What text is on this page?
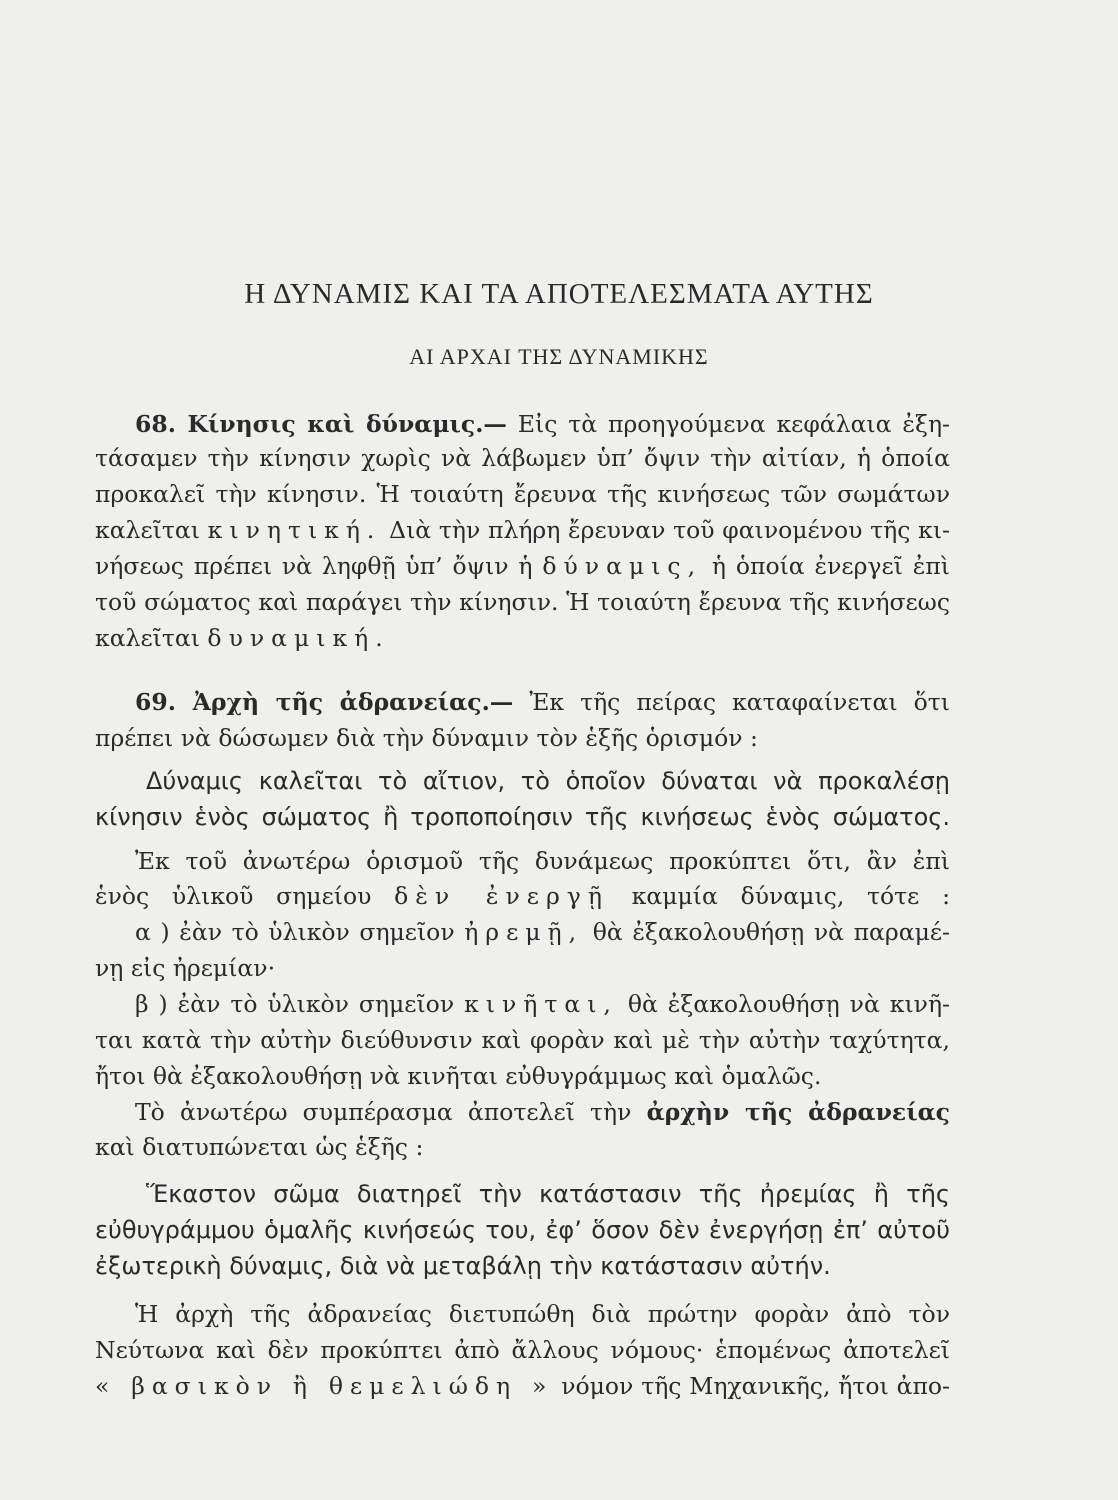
Η ΔΥΝΑΜΙΣ ΚΑΙ ΤΑ ΑΠΟΤΕΛΕΣΜΑΤΑ ΑΥΤΗΣ
ΑΙ ΑΡΧΑΙ ΤΗΣ ΔΥΝΑΜΙΚΗΣ
68. Κίνησις καὶ δύναμις.— Εἰς τὰ προηγούμενα κεφάλαια ἐξη-
τάσαμεν τὴν κίνησιν χωρὶς νὰ λάβωμεν ὑπ’ ὄψιν τὴν αἰτίαν, ἡ ὁποία
προκαλεῖ τὴν κίνησιν. Ἡ τοιαύτη ἔρευνα τῆς κινήσεως τῶν σωμάτων
καλεῖται κινητική. Διὰ τὴν πλήρη ἔρευναν τοῦ φαινομένου τῆς κι-
νήσεως πρέπει νὰ ληφθῇ ὑπ’ ὄψιν ἡ δύναμις, ἡ ὁποία ἐνεργεῖ ἐπὶ
τοῦ σώματος καὶ παράγει τὴν κίνησιν. Ἡ τοιαύτη ἔρευνα τῆς κινήσεως
καλεῖται δυναμική.
69. Ἀρχὴ τῆς ἀδρανείας.— Ἐκ τῆς πείρας καταφαίνεται ὅτι
πρέπει νὰ δώσωμεν διὰ τὴν δύναμιν τὸν ἑξῆς ὁρισμόν :
Δύναμις καλεῖται τὸ αἴτιον, τὸ ὁποῖον δύναται νὰ προκαλέσῃ
κίνησιν ἑνὸς σώματος ἢ τροποποίησιν τῆς κινήσεως ἑνὸς σώματος.
Ἐκ τοῦ ἀνωτέρω ὁρισμοῦ τῆς δυνάμεως προκύπτει ὅτι, ἂν ἐπὶ
ἑνὸς ὑλικοῦ σημείου δὲν ἐνεργῇ καμμία δύναμις, τότε :
α ) ἐὰν τὸ ὑλικὸν σημεῖον ἠρεμῇ, θὰ ἐξακολουθήσῃ νὰ παραμέ-
νῃ εἰς ἠρεμίαν·
β ) ἐὰν τὸ ὑλικὸν σημεῖον κινῆται, θὰ ἐξακολουθήσῃ νὰ κινῆ-
ται κατὰ τὴν αὐτὴν διεύθυνσιν καὶ φορὰν καὶ μὲ τὴν αὐτὴν ταχύτητα,
ἤτοι θὰ ἐξακολουθήσῃ νὰ κινῆται εὐθυγράμμως καὶ ὁμαλῶς.
Τὸ ἀνωτέρω συμπέρασμα ἀποτελεῖ τὴν ἀρχὴν τῆς ἀδρανείας
καὶ διατυπώνεται ὡς ἑξῆς :
Ἕκαστον σῶμα διατηρεῖ τὴν κατάστασιν τῆς ἠρεμίας ἢ τῆς
εὐθυγράμμου ὁμαλῆς κινήσεώς του, ἐφ’ ὅσον δὲν ἐνεργήσῃ ἐπ’ αὐτοῦ
ἐξωτερικὴ δύναμις, διὰ νὰ μεταβάλῃ τὴν κατάστασιν αὐτήν.
Ἡ ἀρχὴ τῆς ἀδρανείας διετυπώθη διὰ πρώτην φορὰν ἀπὸ τὸν
Νεύτωνα καὶ δὲν προκύπτει ἀπὸ ἄλλους νόμους· ἑπομένως ἀποτελεῖ
« βασικὸν ἢ θεμελιώδη » νόμον τῆς Μηχανικῆς, ἤτοι ἀπο-
